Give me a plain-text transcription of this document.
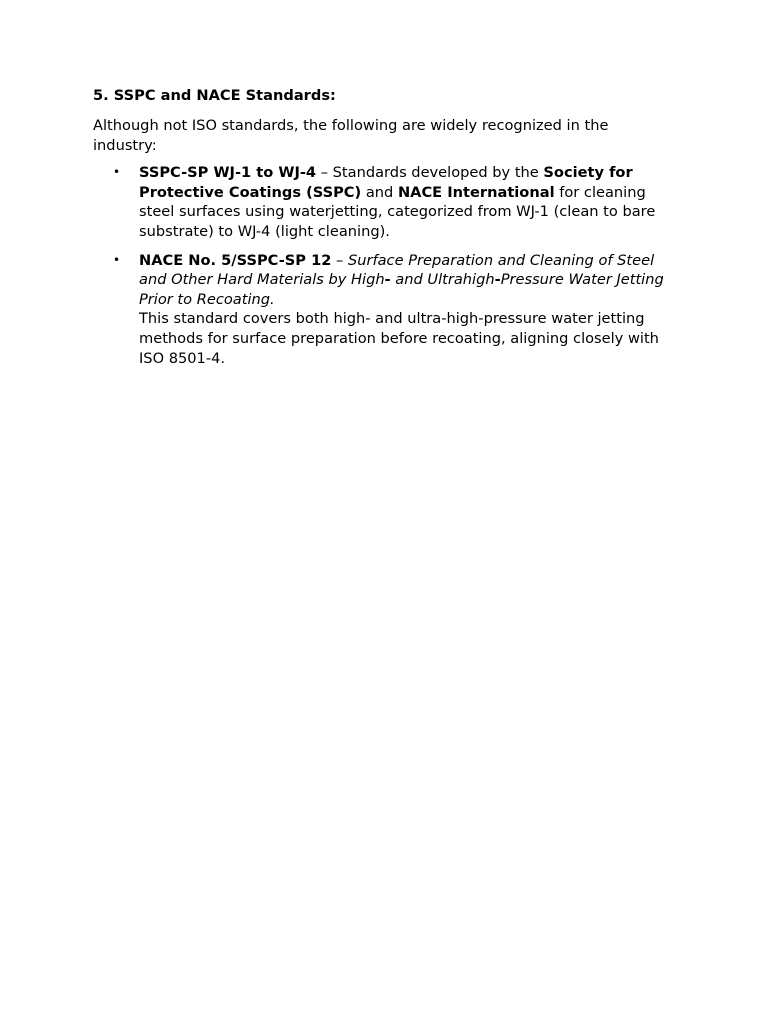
5. SSPC and NACE Standards:

Although not ISO standards, the following are widely recognized in the industry:

• SSPC-SP WJ-1 to WJ-4 – Standards developed by the Society for Protective Coatings (SSPC) and NACE International for cleaning steel surfaces using waterjetting, categorized from WJ-1 (clean to bare substrate) to WJ-4 (light cleaning).
• NACE No. 5/SSPC-SP 12 – Surface Preparation and Cleaning of Steel and Other Hard Materials by High- and Ultrahigh-Pressure Water Jetting Prior to Recoating.
This standard covers both high- and ultra-high-pressure water jetting methods for surface preparation before recoating, aligning closely with ISO 8501-4.
